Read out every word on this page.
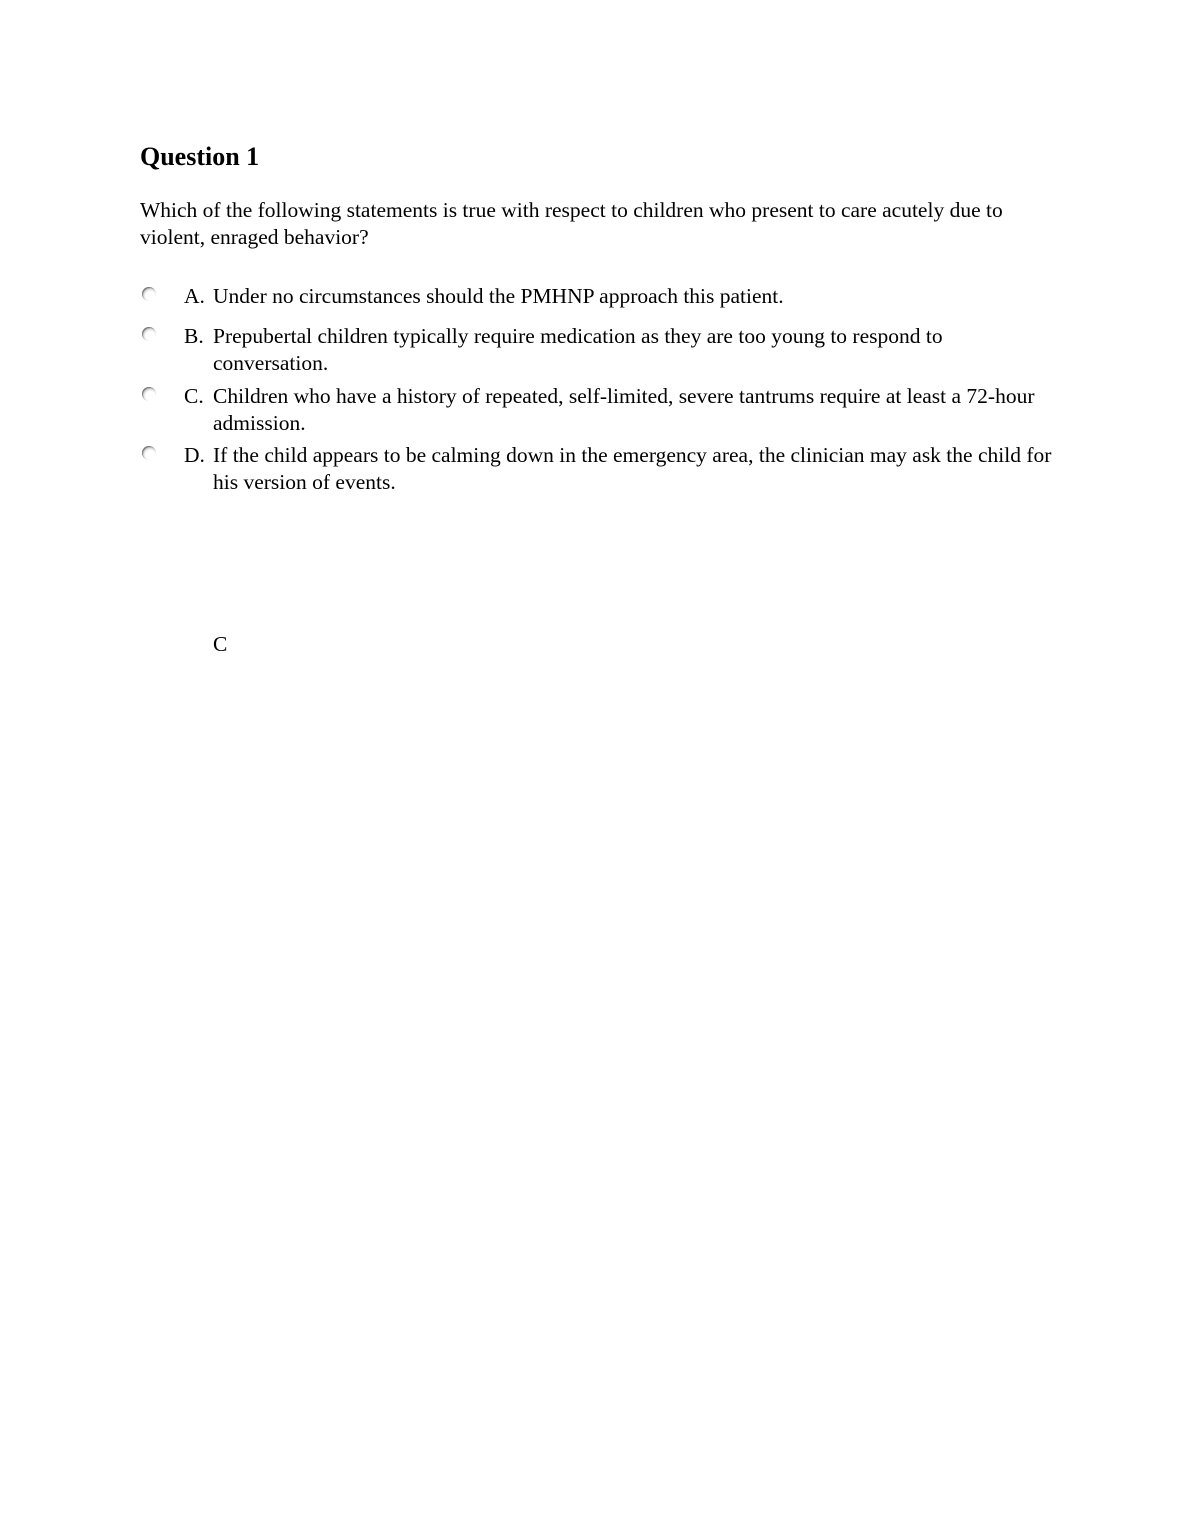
Question 1

Which of the following statements is true with respect to children who present to care acutely due to violent, enraged behavior?

A. Under no circumstances should the PMHNP approach this patient.
B. Prepubertal children typically require medication as they are too young to respond to conversation.
C. Children who have a history of repeated, self-limited, severe tantrums require at least a 72-hour admission.
D. If the child appears to be calming down in the emergency area, the clinician may ask the child for his version of events.
C
